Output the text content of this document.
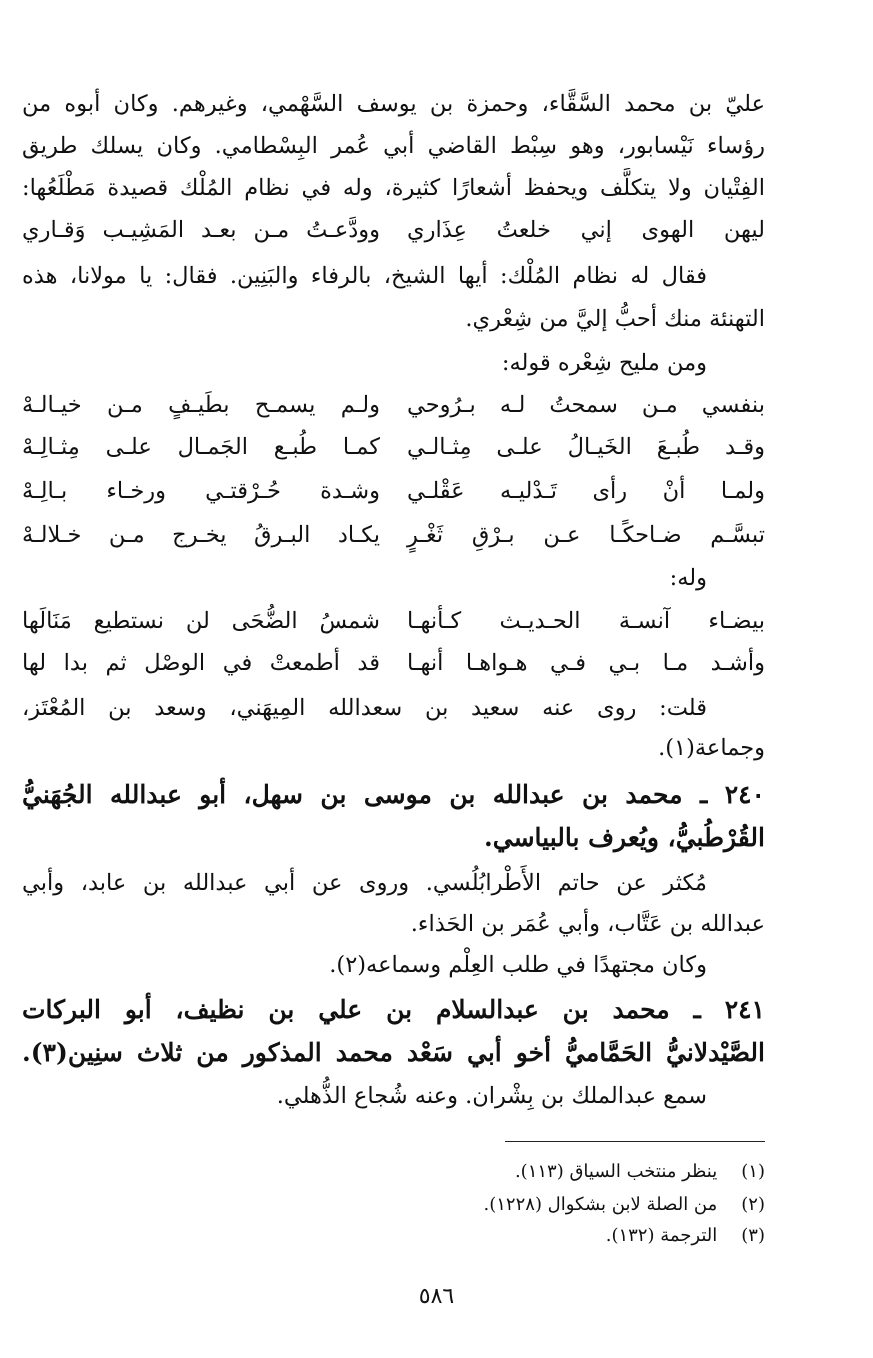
عليّ بن محمد السَّقَّاء، وحمزة بن يوسف السَّهْمي، وغيرهم. وكان أبوه من
رؤساء نَيْسابور، وهو سِبْط القاضي أبي عُمر البِسْطامي. وكان يسلك طريق
الفِتْيان ولا يتكلَّف ويحفظ أشعارًا كثيرة، وله في نظام المُلْك قصيدة مَطْلَعُها:
ليهن الهوى إني خلعتُ عِذَاري
وودَّعـتُ مـن بعـد المَشِيـب وَقـاري
فقال له نظام المُلْك: أيها الشيخ، بالرفاء والبَنِين. فقال: يا مولانا، هذه
التهنئة منك أحبُّ إليَّ من شِعْري.
ومن مليح شِعْره قوله:
بنفسي مـن سمحتُ لـه بـرُوحي
ولـم يسمـح بطَيـفٍ مـن خيـالـهْ
وقـد طُبـعَ الخَيـالُ علـى مِثـالـي
كمـا طُبـع الجَمـال علـى مِثـالِـهْ
ولمـا أنْ رأى تَـدْليـه عَقْلـي
وشـدة حُـرْقتـي ورخـاء بـالِـهْ
تبسَّـم ضـاحكًـا عـن بـرْقِ ثَغْـرٍ
يكـاد البـرقُ يخـرج مـن خـلالـهْ
وله:
بيضـاء آنسـة الحـديـث كـأنهـا
شمسُ الضُّحَى لن نستطيع مَنَالَها
وأشـد مـا بـي فـي هـواهـا أنهـا
قد أطمعتْ في الوصْل ثم بدا لها
قلت: روى عنه سعيد بن سعدالله المِيهَني، وسعد بن المُعْتَز،
وجماعة(١).
٢٤٠ ـ محمد بن عبدالله بن موسى بن سهل، أبو عبدالله الجُهَنيُّ
القُرْطُبيُّ، ويُعرف بالبياسي.
مُكثر عن حاتم الأَطْرابُلُسي. وروى عن أبي عبدالله بن عابد، وأبي
عبدالله بن عَتَّاب، وأبي عُمَر بن الحَذاء.
وكان مجتهدًا في طلب العِلْم وسماعه(٢).
٢٤١ ـ محمد بن عبدالسلام بن علي بن نظيف، أبو البركات
الصَّيْدلانيُّ الحَمَّاميُّ أخو أبي سَعْد محمد المذكور من ثلاث سنِين(٣).
سمع عبدالملك بن بِشْران. وعنه شُجاع الذُّهلي.
(١) ينظر منتخب السياق (١١٣).
(٢) من الصلة لابن بشكوال (١٢٢٨).
(٣) الترجمة (١٣٢).
٥٨٦
